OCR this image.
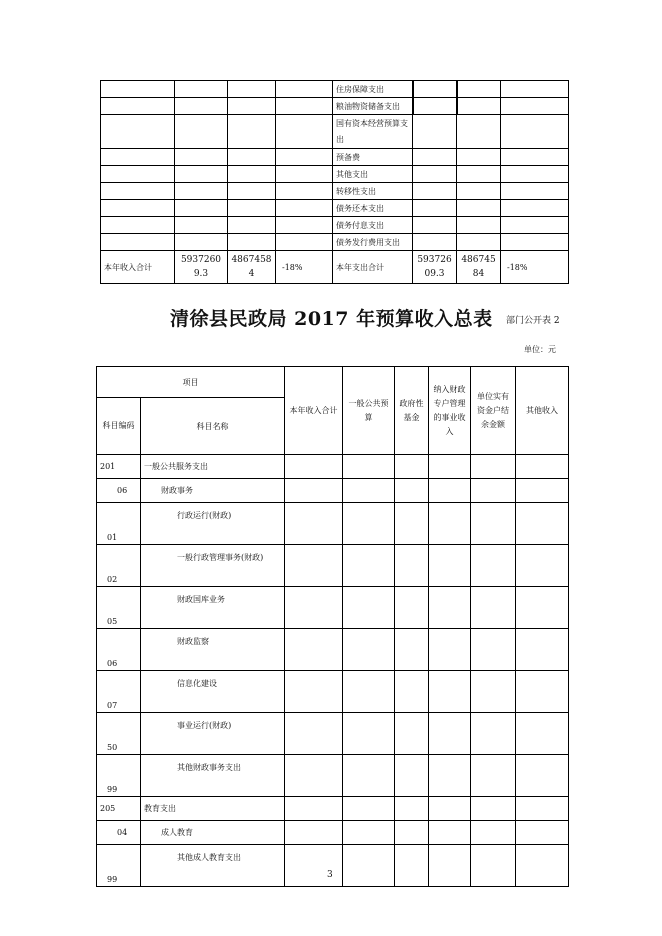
				住房保障支出			
				粮油物资储备支出			
				国有资本经营预算支出			
				预备费			
				其他支出			
				转移性支出			
				债务还本支出			
				债务付息支出			
				债务发行费用支出			
本年收入合计	59372609.3	48674584	-18%	本年支出合计	59372609.3	48674584	-18%
清徐县民政局 2017 年预算收入总表 部门公开表 2
单位：元
项目		本年收入合计	一般公共预算	政府性基金	纳入财政专户管理的事业收入	单位实有资金户结余金额	其他收入
科目编码	科目名称						
201	一般公共服务支出						
06	财政事务						
01	行政运行(财政)						
02	一般行政管理事务(财政)						
05	财政国库业务						
06	财政监察						
07	信息化建设						
50	事业运行(财政)						
99	其他财政事务支出						
205	教育支出						
04	成人教育						
99	其他成人教育支出						
3
